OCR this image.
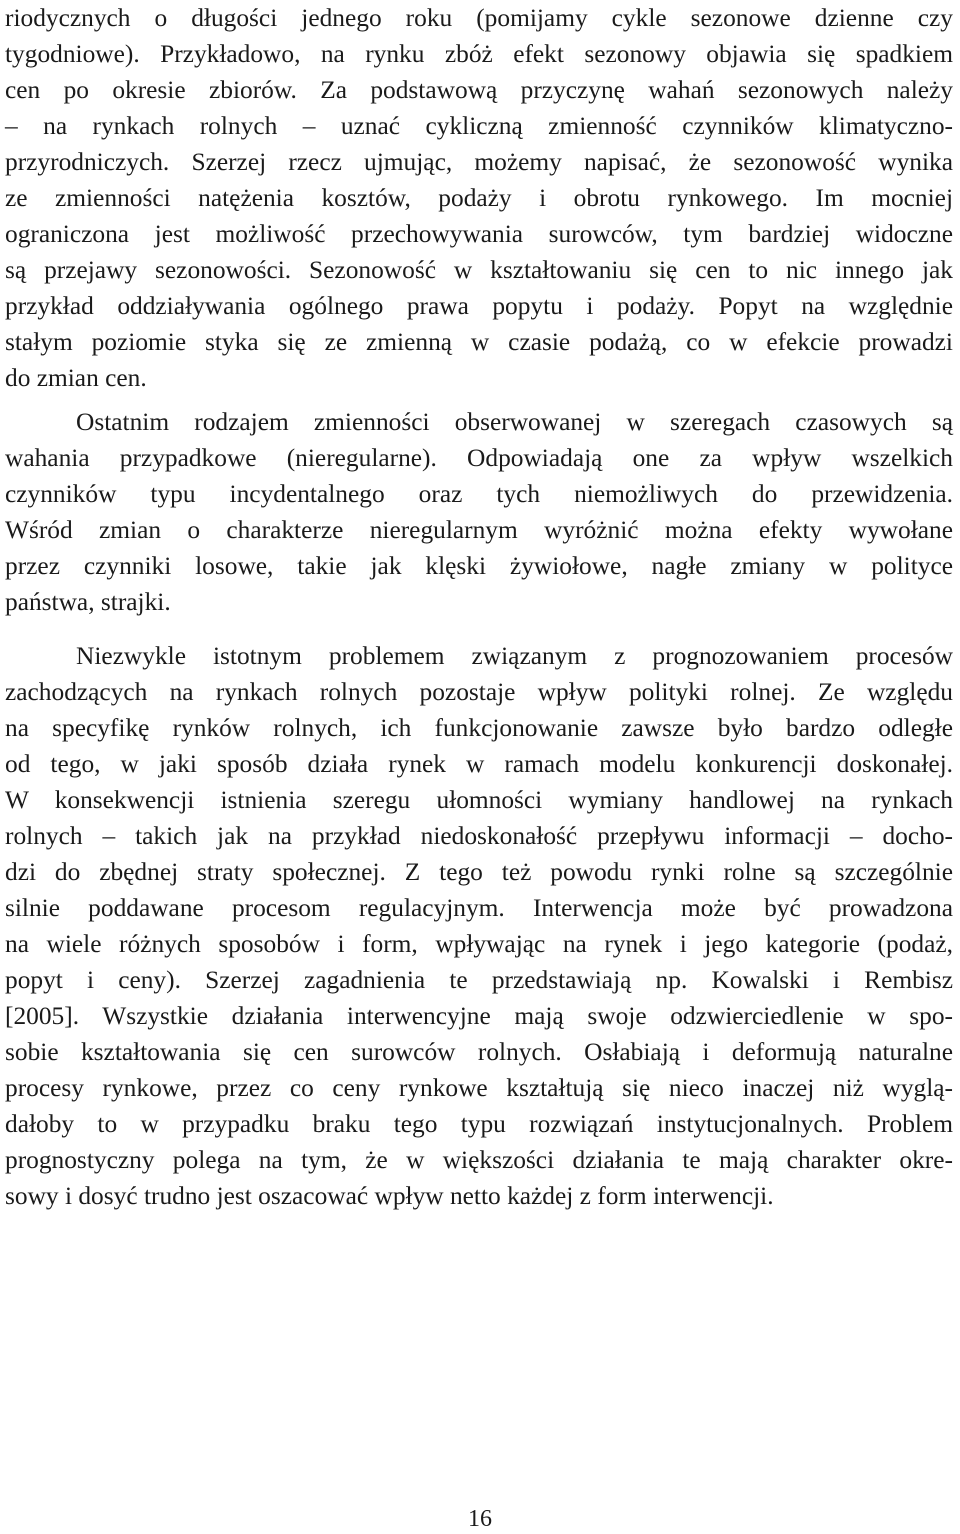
riodycznych o długości jednego roku (pomijamy cykle sezonowe dzienne czy
tygodniowe). Przykładowo, na rynku zbóż efekt sezonowy objawia się spadkiem
cen po okresie zbiorów. Za podstawową przyczynę wahań sezonowych należy
– na rynkach rolnych – uznać cykliczną zmienność czynników klimatyczno-
przyrodniczych. Szerzej rzecz ujmując, możemy napisać, że sezonowość wynika
ze zmienności natężenia kosztów, podaży i obrotu rynkowego. Im mocniej
ograniczona jest możliwość przechowywania surowców, tym bardziej widoczne
są przejawy sezonowości. Sezonowość w kształtowaniu się cen to nic innego jak
przykład oddziaływania ogólnego prawa popytu i podaży. Popyt na względnie
stałym poziomie styka się ze zmienną w czasie podażą, co w efekcie prowadzi
do zmian cen.
Ostatnim rodzajem zmienności obserwowanej w szeregach czasowych są
wahania przypadkowe (nieregularne). Odpowiadają one za wpływ wszelkich
czynników typu incydentalnego oraz tych niemożliwych do przewidzenia.
Wśród zmian o charakterze nieregularnym wyróżnić można efekty wywołane
przez czynniki losowe, takie jak klęski żywiołowe, nagłe zmiany w polityce
państwa, strajki.
Niezwykle istotnym problemem związanym z prognozowaniem procesów
zachodzących na rynkach rolnych pozostaje wpływ polityki rolnej. Ze względu
na specyfikę rynków rolnych, ich funkcjonowanie zawsze było bardzo odległe
od tego, w jaki sposób działa rynek w ramach modelu konkurencji doskonałej.
W konsekwencji istnienia szeregu ułomności wymiany handlowej na rynkach
rolnych – takich jak na przykład niedoskonałość przepływu informacji – docho-
dzi do zbędnej straty społecznej. Z tego też powodu rynki rolne są szczególnie
silnie poddawane procesom regulacyjnym. Interwencja może być prowadzona
na wiele różnych sposobów i form, wpływając na rynek i jego kategorie (podaż,
popyt i ceny). Szerzej zagadnienia te przedstawiają np. Kowalski i Rembisz
[2005]. Wszystkie działania interwencyjne mają swoje odzwierciedlenie w spo-
sobie kształtowania się cen surowców rolnych. Osłabiają i deformują naturalne
procesy rynkowe, przez co ceny rynkowe kształtują się nieco inaczej niż wyglą-
dałoby to w przypadku braku tego typu rozwiązań instytucjonalnych. Problem
prognostyczny polega na tym, że w większości działania te mają charakter okre-
sowy i dosyć trudno jest oszacować wpływ netto każdej z form interwencji.
16
